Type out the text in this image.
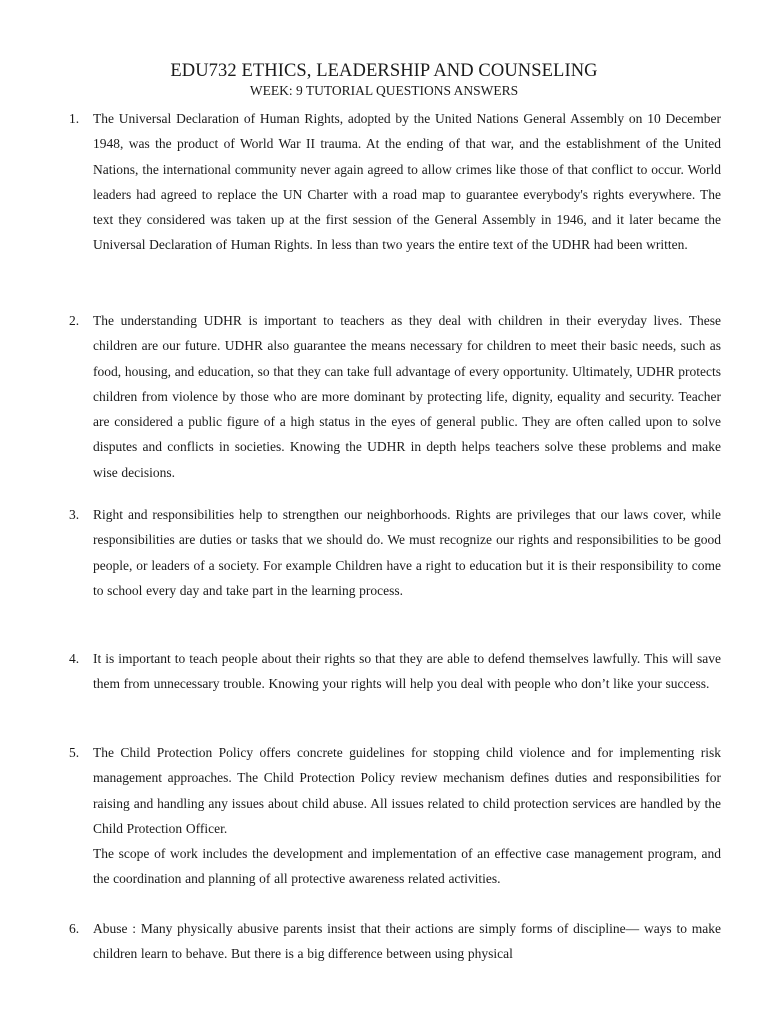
EDU732 ETHICS, LEADERSHIP AND COUNSELING
WEEK: 9 TUTORIAL QUESTIONS ANSWERS
1. The Universal Declaration of Human Rights, adopted by the United Nations General Assembly on 10 December 1948, was the product of World War II trauma. At the ending of that war, and the establishment of the United Nations, the international community never again agreed to allow crimes like those of that conflict to occur. World leaders had agreed to replace the UN Charter with a road map to guarantee everybody's rights everywhere. The text they considered was taken up at the first session of the General Assembly in 1946, and it later became the Universal Declaration of Human Rights. In less than two years the entire text of the UDHR had been written.
2. The understanding UDHR is important to teachers as they deal with children in their everyday lives. These children are our future. UDHR also guarantee the means necessary for children to meet their basic needs, such as food, housing, and education, so that they can take full advantage of every opportunity. Ultimately, UDHR protects children from violence by those who are more dominant by protecting life, dignity, equality and security. Teacher are considered a public figure of a high status in the eyes of general public. They are often called upon to solve disputes and conflicts in societies. Knowing the UDHR in depth helps teachers solve these problems and make wise decisions.
3. Right and responsibilities help to strengthen our neighborhoods. Rights are privileges that our laws cover, while responsibilities are duties or tasks that we should do. We must recognize our rights and responsibilities to be good people, or leaders of a society. For example Children have a right to education but it is their responsibility to come to school every day and take part in the learning process.
4. It is important to teach people about their rights so that they are able to defend themselves lawfully. This will save them from unnecessary trouble. Knowing your rights will help you deal with people who don’t like your success.
5. The Child Protection Policy offers concrete guidelines for stopping child violence and for implementing risk management approaches. The Child Protection Policy review mechanism defines duties and responsibilities for raising and handling any issues about child abuse. All issues related to child protection services are handled by the Child Protection Officer.
The scope of work includes the development and implementation of an effective case management program, and the coordination and planning of all protective awareness related activities.
6. Abuse : Many physically abusive parents insist that their actions are simply forms of discipline— ways to make children learn to behave. But there is a big difference between using physical
